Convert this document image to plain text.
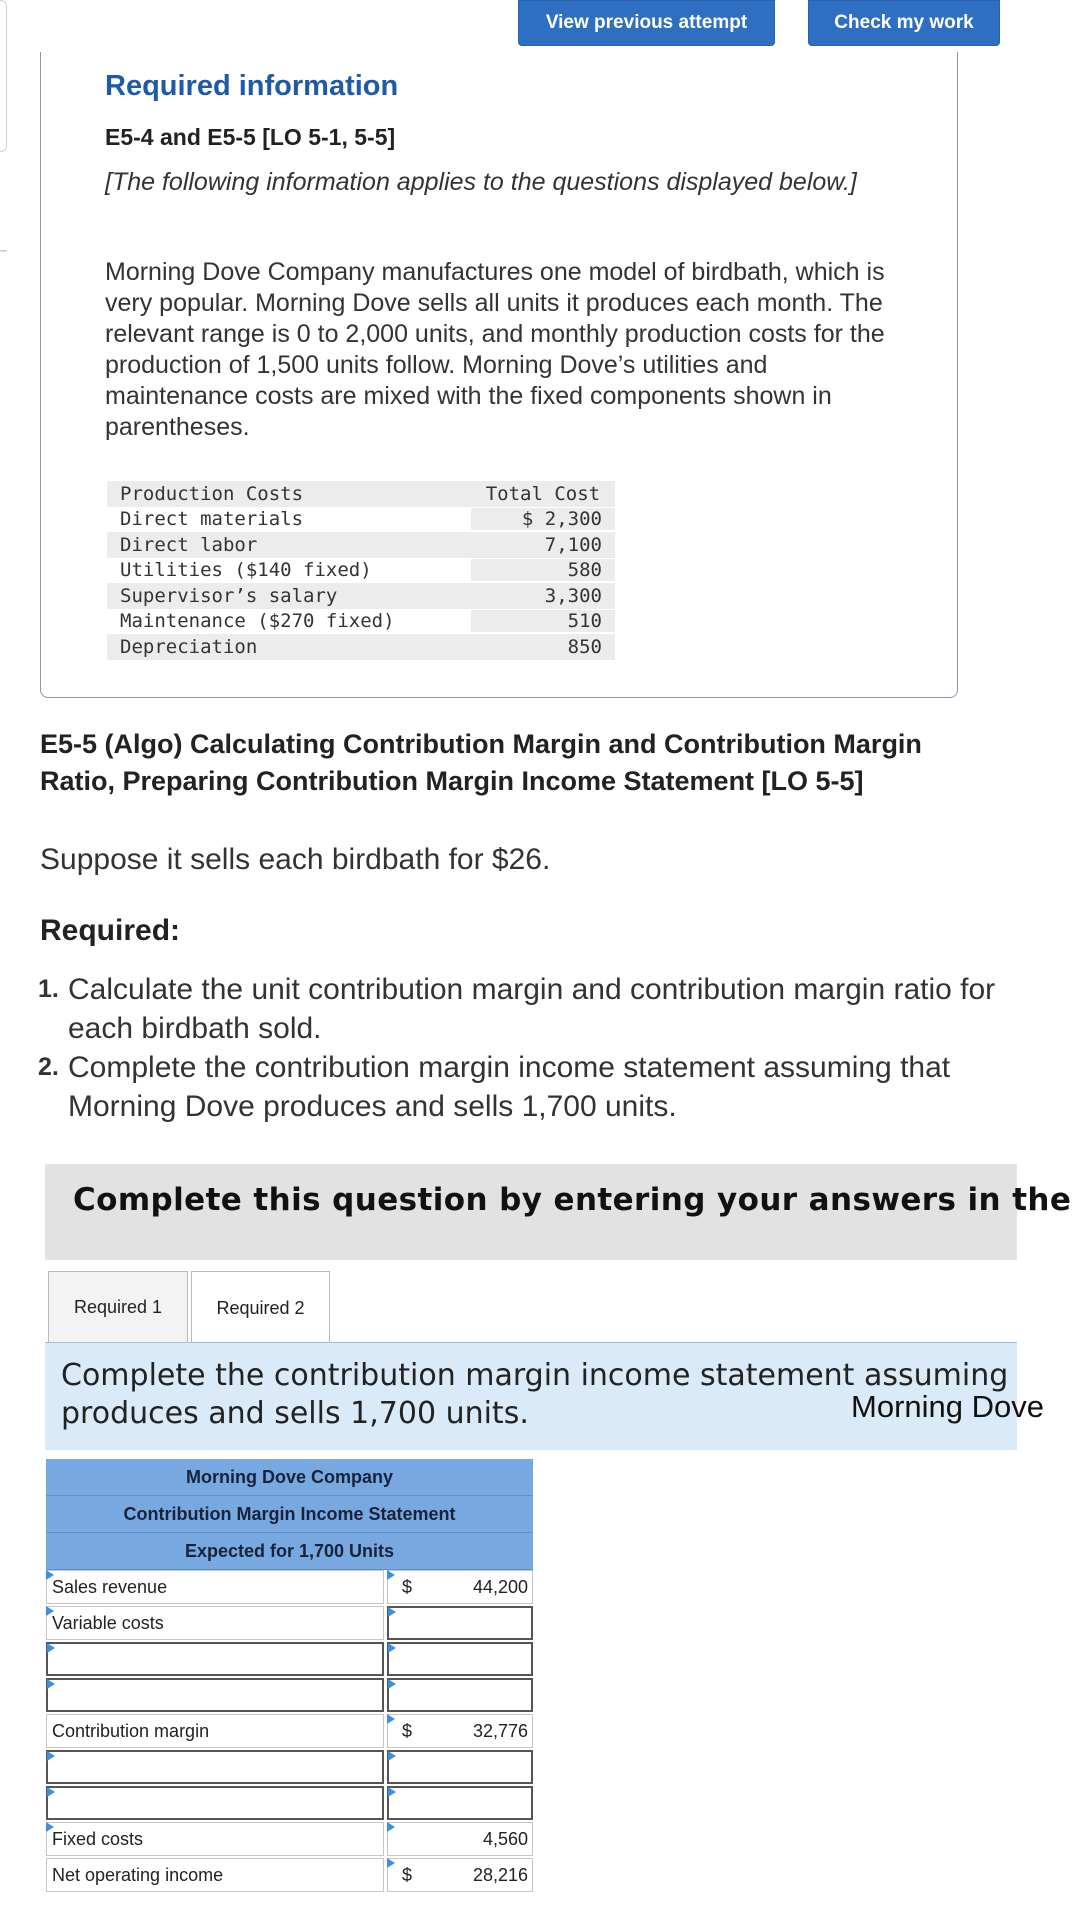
View previous attempt	Check my work
Required information
E5-4 and E5-5 [LO 5-1, 5-5]
[The following information applies to the questions displayed below.]
Morning Dove Company manufactures one model of birdbath, which is very popular. Morning Dove sells all units it produces each month. The relevant range is 0 to 2,000 units, and monthly production costs for the production of 1,500 units follow. Morning Dove’s utilities and maintenance costs are mixed with the fixed components shown in parentheses.
Production Costs	Total Cost
Direct materials	$ 2,300
Direct labor	7,100
Utilities ($140 fixed)	580
Supervisor’s salary	3,300
Maintenance ($270 fixed)	510
Depreciation	850
E5-5 (Algo) Calculating Contribution Margin and Contribution Margin Ratio, Preparing Contribution Margin Income Statement [LO 5-5]
Suppose it sells each birdbath for $26.
Required:
1. Calculate the unit contribution margin and contribution margin ratio for each birdbath sold.
2. Complete the contribution margin income statement assuming that Morning Dove produces and sells 1,700 units.
Complete this question by entering your answers in the
Required 1	Required 2
Complete the contribution margin income statement assuming produces and sells 1,700 units.	Morning Dove
Morning Dove Company
Contribution Margin Income Statement
Expected for 1,700 Units
Sales revenue	$	44,200
Variable costs
Contribution margin	$	32,776
Fixed costs	4,560
Net operating income	$	28,216
